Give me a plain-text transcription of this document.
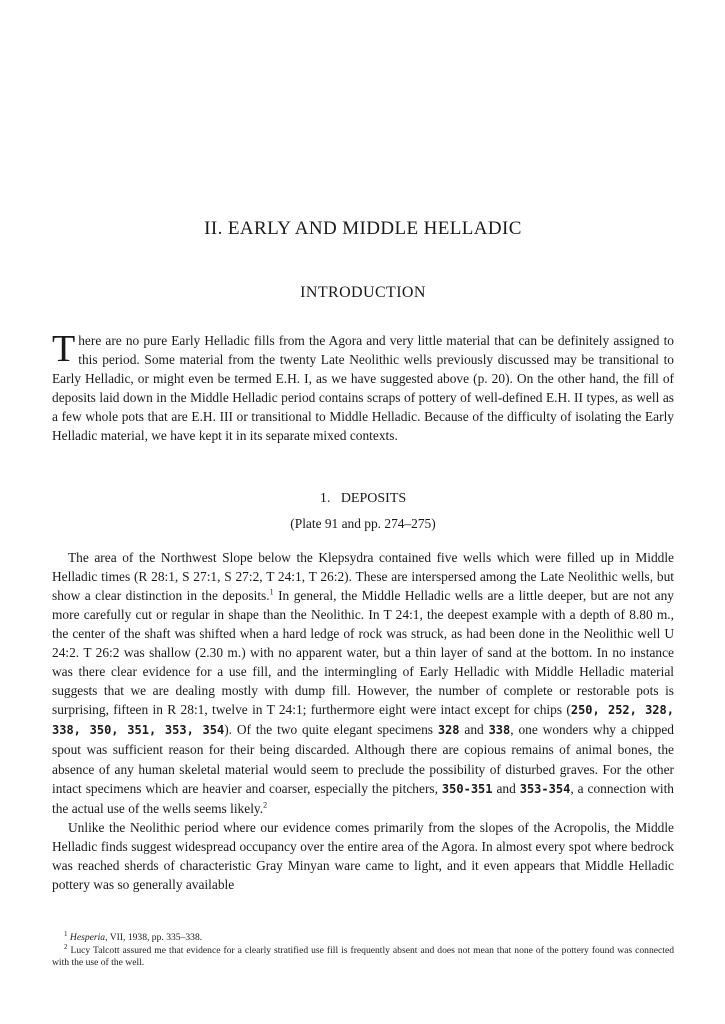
II. EARLY AND MIDDLE HELLADIC
INTRODUCTION

There are no pure Early Helladic fills from the Agora and very little material that can be definitely assigned to this period. Some material from the twenty Late Neolithic wells previously discussed may be transitional to Early Helladic, or might even be termed E.H. I, as we have suggested above (p. 20). On the other hand, the fill of deposits laid down in the Middle Helladic period contains scraps of pottery of well-defined E.H. II types, as well as a few whole pots that are E.H. III or transitional to Middle Helladic. Because of the difficulty of isolating the Early Helladic material, we have kept it in its separate mixed contexts.

1.   DEPOSITS

(Plate 91 and pp. 274–275)

The area of the Northwest Slope below the Klepsydra contained five wells which were filled up in Middle Helladic times (R 28:1, S 27:1, S 27:2, T 24:1, T 26:2). These are interspersed among the Late Neolithic wells, but show a clear distinction in the deposits.$^1$ In general, the Middle Helladic wells are a little deeper, but are not any more carefully cut or regular in shape than the Neolithic. In T 24:1, the deepest example with a depth of 8.80 m., the center of the shaft was shifted when a hard ledge of rock was struck, as had been done in the Neolithic well U 24:2. T 26:2 was shallow (2.30 m.) with no apparent water, but a thin layer of sand at the bottom. In no instance was there clear evidence for a use fill, and the intermingling of Early Helladic with Middle Helladic material suggests that we are dealing mostly with dump fill. However, the number of complete or restorable pots is surprising, fifteen in R 28:1, twelve in T 24:1; furthermore eight were intact except for chips (250, 252, 328, 338, 350, 351, 353, 354). Of the two quite elegant specimens 328 and 338, one wonders why a chipped spout was sufficient reason for their being discarded. Although there are copious remains of animal bones, the absence of any human skeletal material would seem to preclude the possibility of disturbed graves. For the other intact specimens which are heavier and coarser, especially the pitchers, 350-351 and 353-354, a connection with the actual use of the wells seems likely.$^2$

Unlike the Neolithic period where our evidence comes primarily from the slopes of the Acropolis, the Middle Helladic finds suggest widespread occupancy over the entire area of the Agora. In almost every spot where bedrock was reached sherds of characteristic Gray Minyan ware came to light, and it even appears that Middle Helladic pottery was so generally available

$^1$ Hesperia, VII, 1938, pp. 335–338.

$^2$ Lucy Talcott assured me that evidence for a clearly stratified use fill is frequently absent and does not mean that none of the pottery found was connected with the use of the well.
